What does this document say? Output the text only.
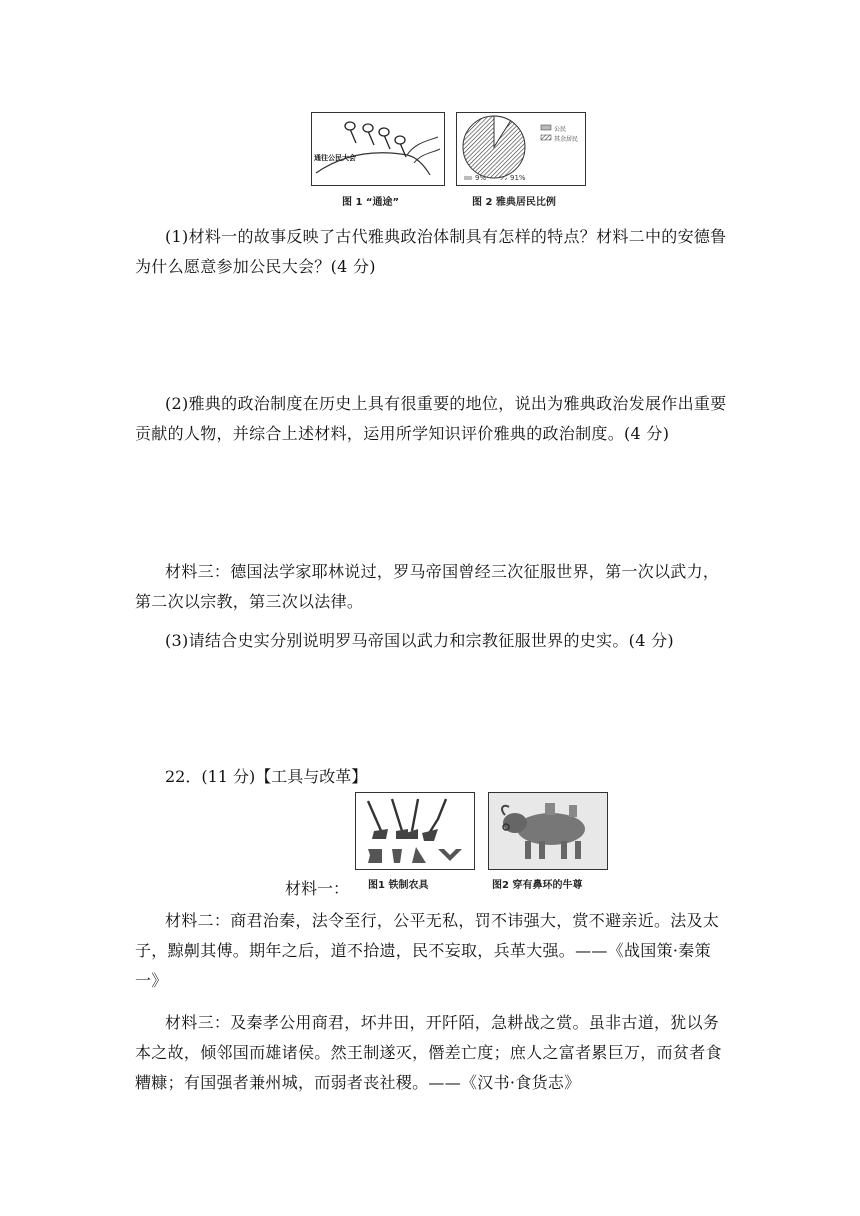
通往公民大会
公民
其余居民
9%	91%
图 1 “通途”	图 2 雅典居民比例
(1)材料一的故事反映了古代雅典政治体制具有怎样的特点？材料二中的安德鲁为什么愿意参加公民大会？(4 分)
(2)雅典的政治制度在历史上具有很重要的地位，说出为雅典政治发展作出重要贡献的人物，并综合上述材料，运用所学知识评价雅典的政治制度。(4 分)
材料三：德国法学家耶林说过，罗马帝国曾经三次征服世界，第一次以武力，第二次以宗教，第三次以法律。
(3)请结合史实分别说明罗马帝国以武力和宗教征服世界的史实。(4 分)
22．(11 分)【工具与改革】
材料一： 图1 铁制农具	图2 穿有鼻环的牛尊
材料二：商君治秦，法令至行，公平无私，罚不讳强大，赏不避亲近。法及太子，黥劓其傅。期年之后，道不拾遗，民不妄取，兵革大强。——《战国策·秦策一》
材料三：及秦孝公用商君，坏井田，开阡陌，急耕战之赏。虽非古道，犹以务本之故，倾邻国而雄诸侯。然王制遂灭，僭差亡度；庶人之富者累巨万，而贫者食糟糠；有国强者兼州城，而弱者丧社稷。——《汉书·食货志》
